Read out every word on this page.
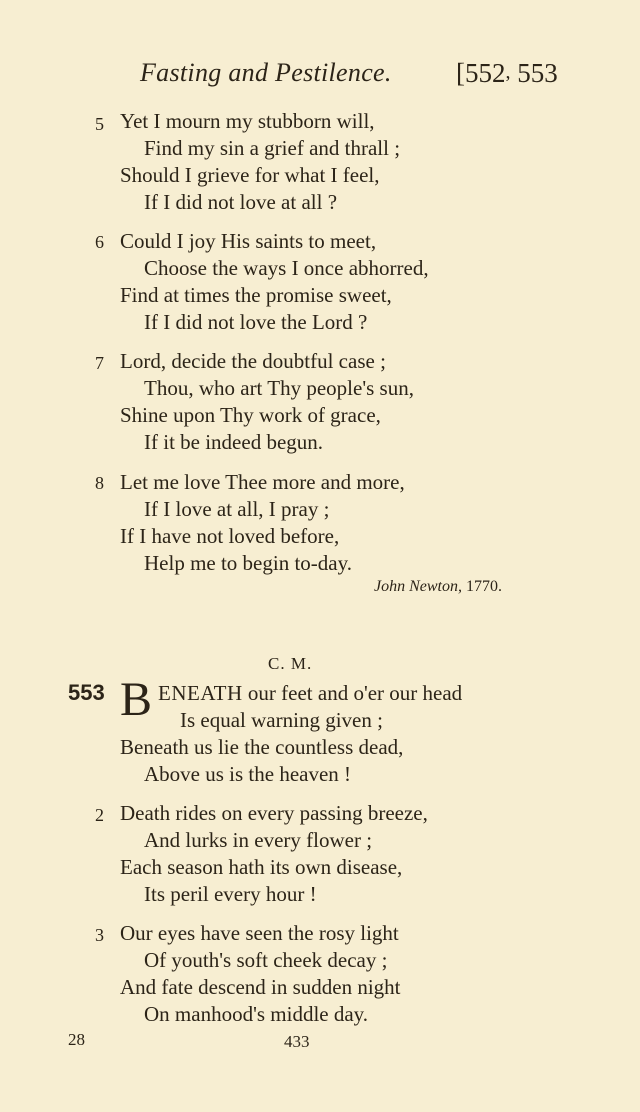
Fasting and Pestilence. [552, 553
5 Yet I mourn my stubborn will,
Find my sin a grief and thrall ;
Should I grieve for what I feel,
If I did not love at all ?
6 Could I joy His saints to meet,
Choose the ways I once abhorred,
Find at times the promise sweet,
If I did not love the Lord ?
7 Lord, decide the doubtful case ;
Thou, who art Thy people's sun,
Shine upon Thy work of grace,
If it be indeed begun.
8 Let me love Thee more and more,
If I love at all, I pray ;
If I have not loved before,
Help me to begin to-day.
John Newton, 1770.
C. M.
553 B ENEATH our feet and o'er our head
Is equal warning given ;
Beneath us lie the countless dead,
Above us is the heaven !
2 Death rides on every passing breeze,
And lurks in every flower ;
Each season hath its own disease,
Its peril every hour !
3 Our eyes have seen the rosy light
Of youth's soft cheek decay ;
And fate descend in sudden night
On manhood's middle day.
28	433
